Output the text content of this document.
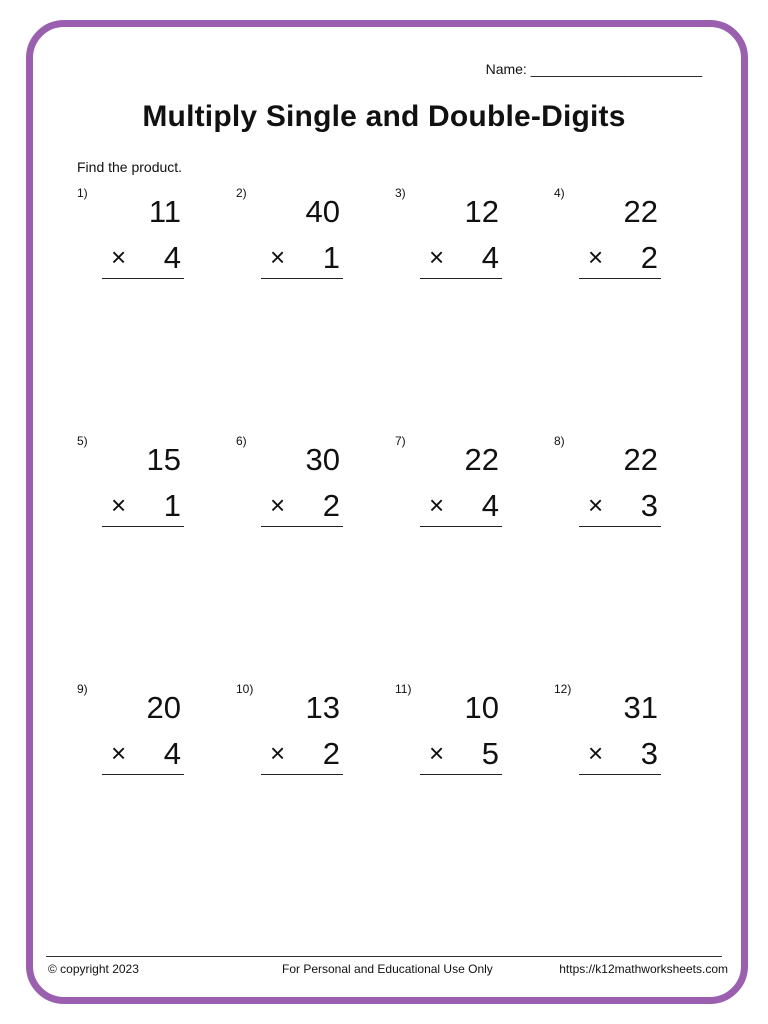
Name: ______________________
Multiply Single and Double-Digits
Find the product.
1)
11
× 4
2)
40
× 1
3)
12
× 4
4)
22
× 2
5)
15
× 1
6)
30
× 2
7)
22
× 4
8)
22
× 3
9)
20
× 4
10)
13
× 2
11)
10
× 5
12)
31
× 3
© copyright 2023	For Personal and Educational Use Only	https://k12mathworksheets.com
